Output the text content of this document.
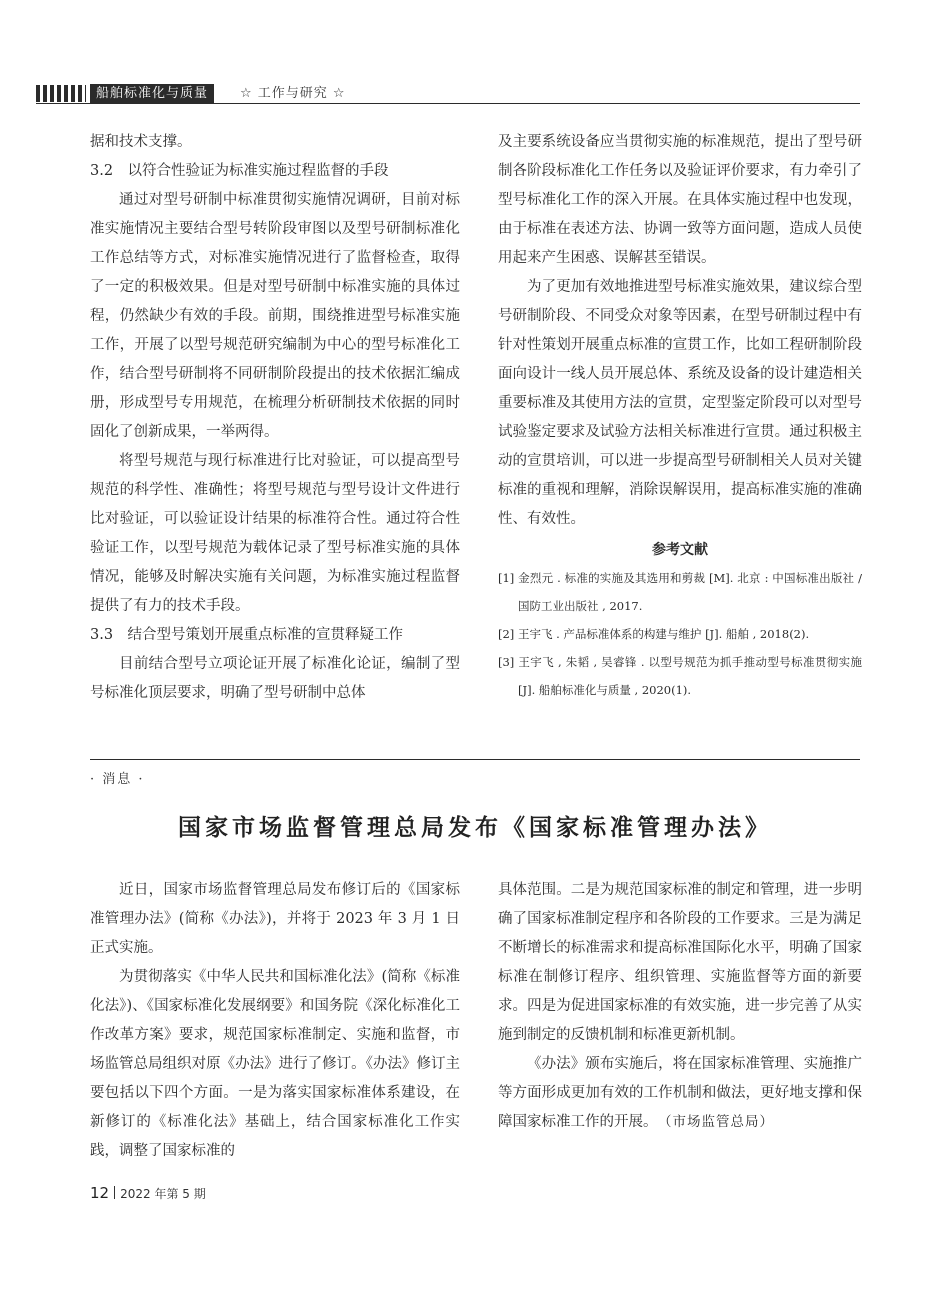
船舶标准化与质量	☆ 工作与研究 ☆

据和技术支撑。

3.2　以符合性验证为标准实施过程监督的手段

通过对型号研制中标准贯彻实施情况调研，目前对标准实施情况主要结合型号转阶段审图以及型号研制标准化工作总结等方式，对标准实施情况进行了监督检查，取得了一定的积极效果。但是对型号研制中标准实施的具体过程，仍然缺少有效的手段。前期，围绕推进型号标准实施工作，开展了以型号规范研究编制为中心的型号标准化工作，结合型号研制将不同研制阶段提出的技术依据汇编成册，形成型号专用规范，在梳理分析研制技术依据的同时固化了创新成果，一举两得。

将型号规范与现行标准进行比对验证，可以提高型号规范的科学性、准确性；将型号规范与型号设计文件进行比对验证，可以验证设计结果的标准符合性。通过符合性验证工作，以型号规范为载体记录了型号标准实施的具体情况，能够及时解决实施有关问题，为标准实施过程监督提供了有力的技术手段。

3.3　结合型号策划开展重点标准的宣贯释疑工作

目前结合型号立项论证开展了标准化论证，编制了型号标准化顶层要求，明确了型号研制中总体

及主要系统设备应当贯彻实施的标准规范，提出了型号研制各阶段标准化工作任务以及验证评价要求，有力牵引了型号标准化工作的深入开展。在具体实施过程中也发现，由于标准在表述方法、协调一致等方面问题，造成人员使用起来产生困惑、误解甚至错误。

为了更加有效地推进型号标准实施效果，建议综合型号研制阶段、不同受众对象等因素，在型号研制过程中有针对性策划开展重点标准的宣贯工作，比如工程研制阶段面向设计一线人员开展总体、系统及设备的设计建造相关重要标准及其使用方法的宣贯，定型鉴定阶段可以对型号试验鉴定要求及试验方法相关标准进行宣贯。通过积极主动的宣贯培训，可以进一步提高型号研制相关人员对关键标准的重视和理解，消除误解误用，提高标准实施的准确性、有效性。

参考文献

[1] 金烈元 . 标准的实施及其选用和剪裁 [M]. 北京 : 中国标准出版社 / 国防工业出版社 , 2017.

[2] 王宇飞 . 产品标准体系的构建与维护 [J]. 船舶 , 2018(2).

[3] 王宇飞 , 朱韬 , 吴睿锋 . 以型号规范为抓手推动型号标准贯彻实施 [J]. 船舶标准化与质量 , 2020(1).

· 消息 ·
国家市场监督管理总局发布《国家标准管理办法》

近日，国家市场监督管理总局发布修订后的《国家标准管理办法》(简称《办法》)，并将于 2023 年 3 月 1 日正式实施。

为贯彻落实《中华人民共和国标准化法》(简称《标准化法》)、《国家标准化发展纲要》和国务院《深化标准化工作改革方案》要求，规范国家标准制定、实施和监督，市场监管总局组织对原《办法》进行了修订。《办法》修订主要包括以下四个方面。一是为落实国家标准体系建设，在新修订的《标准化法》基础上，结合国家标准化工作实践，调整了国家标准的

具体范围。二是为规范国家标准的制定和管理，进一步明确了国家标准制定程序和各阶段的工作要求。三是为满足不断增长的标准需求和提高标准国际化水平，明确了国家标准在制修订程序、组织管理、实施监督等方面的新要求。四是为促进国家标准的有效实施，进一步完善了从实施到制定的反馈机制和标准更新机制。

《办法》颁布实施后，将在国家标准管理、实施推广等方面形成更加有效的工作机制和做法，更好地支撑和保障国家标准工作的开展。　 （市场监管总局）

12 2022 年第 5 期
